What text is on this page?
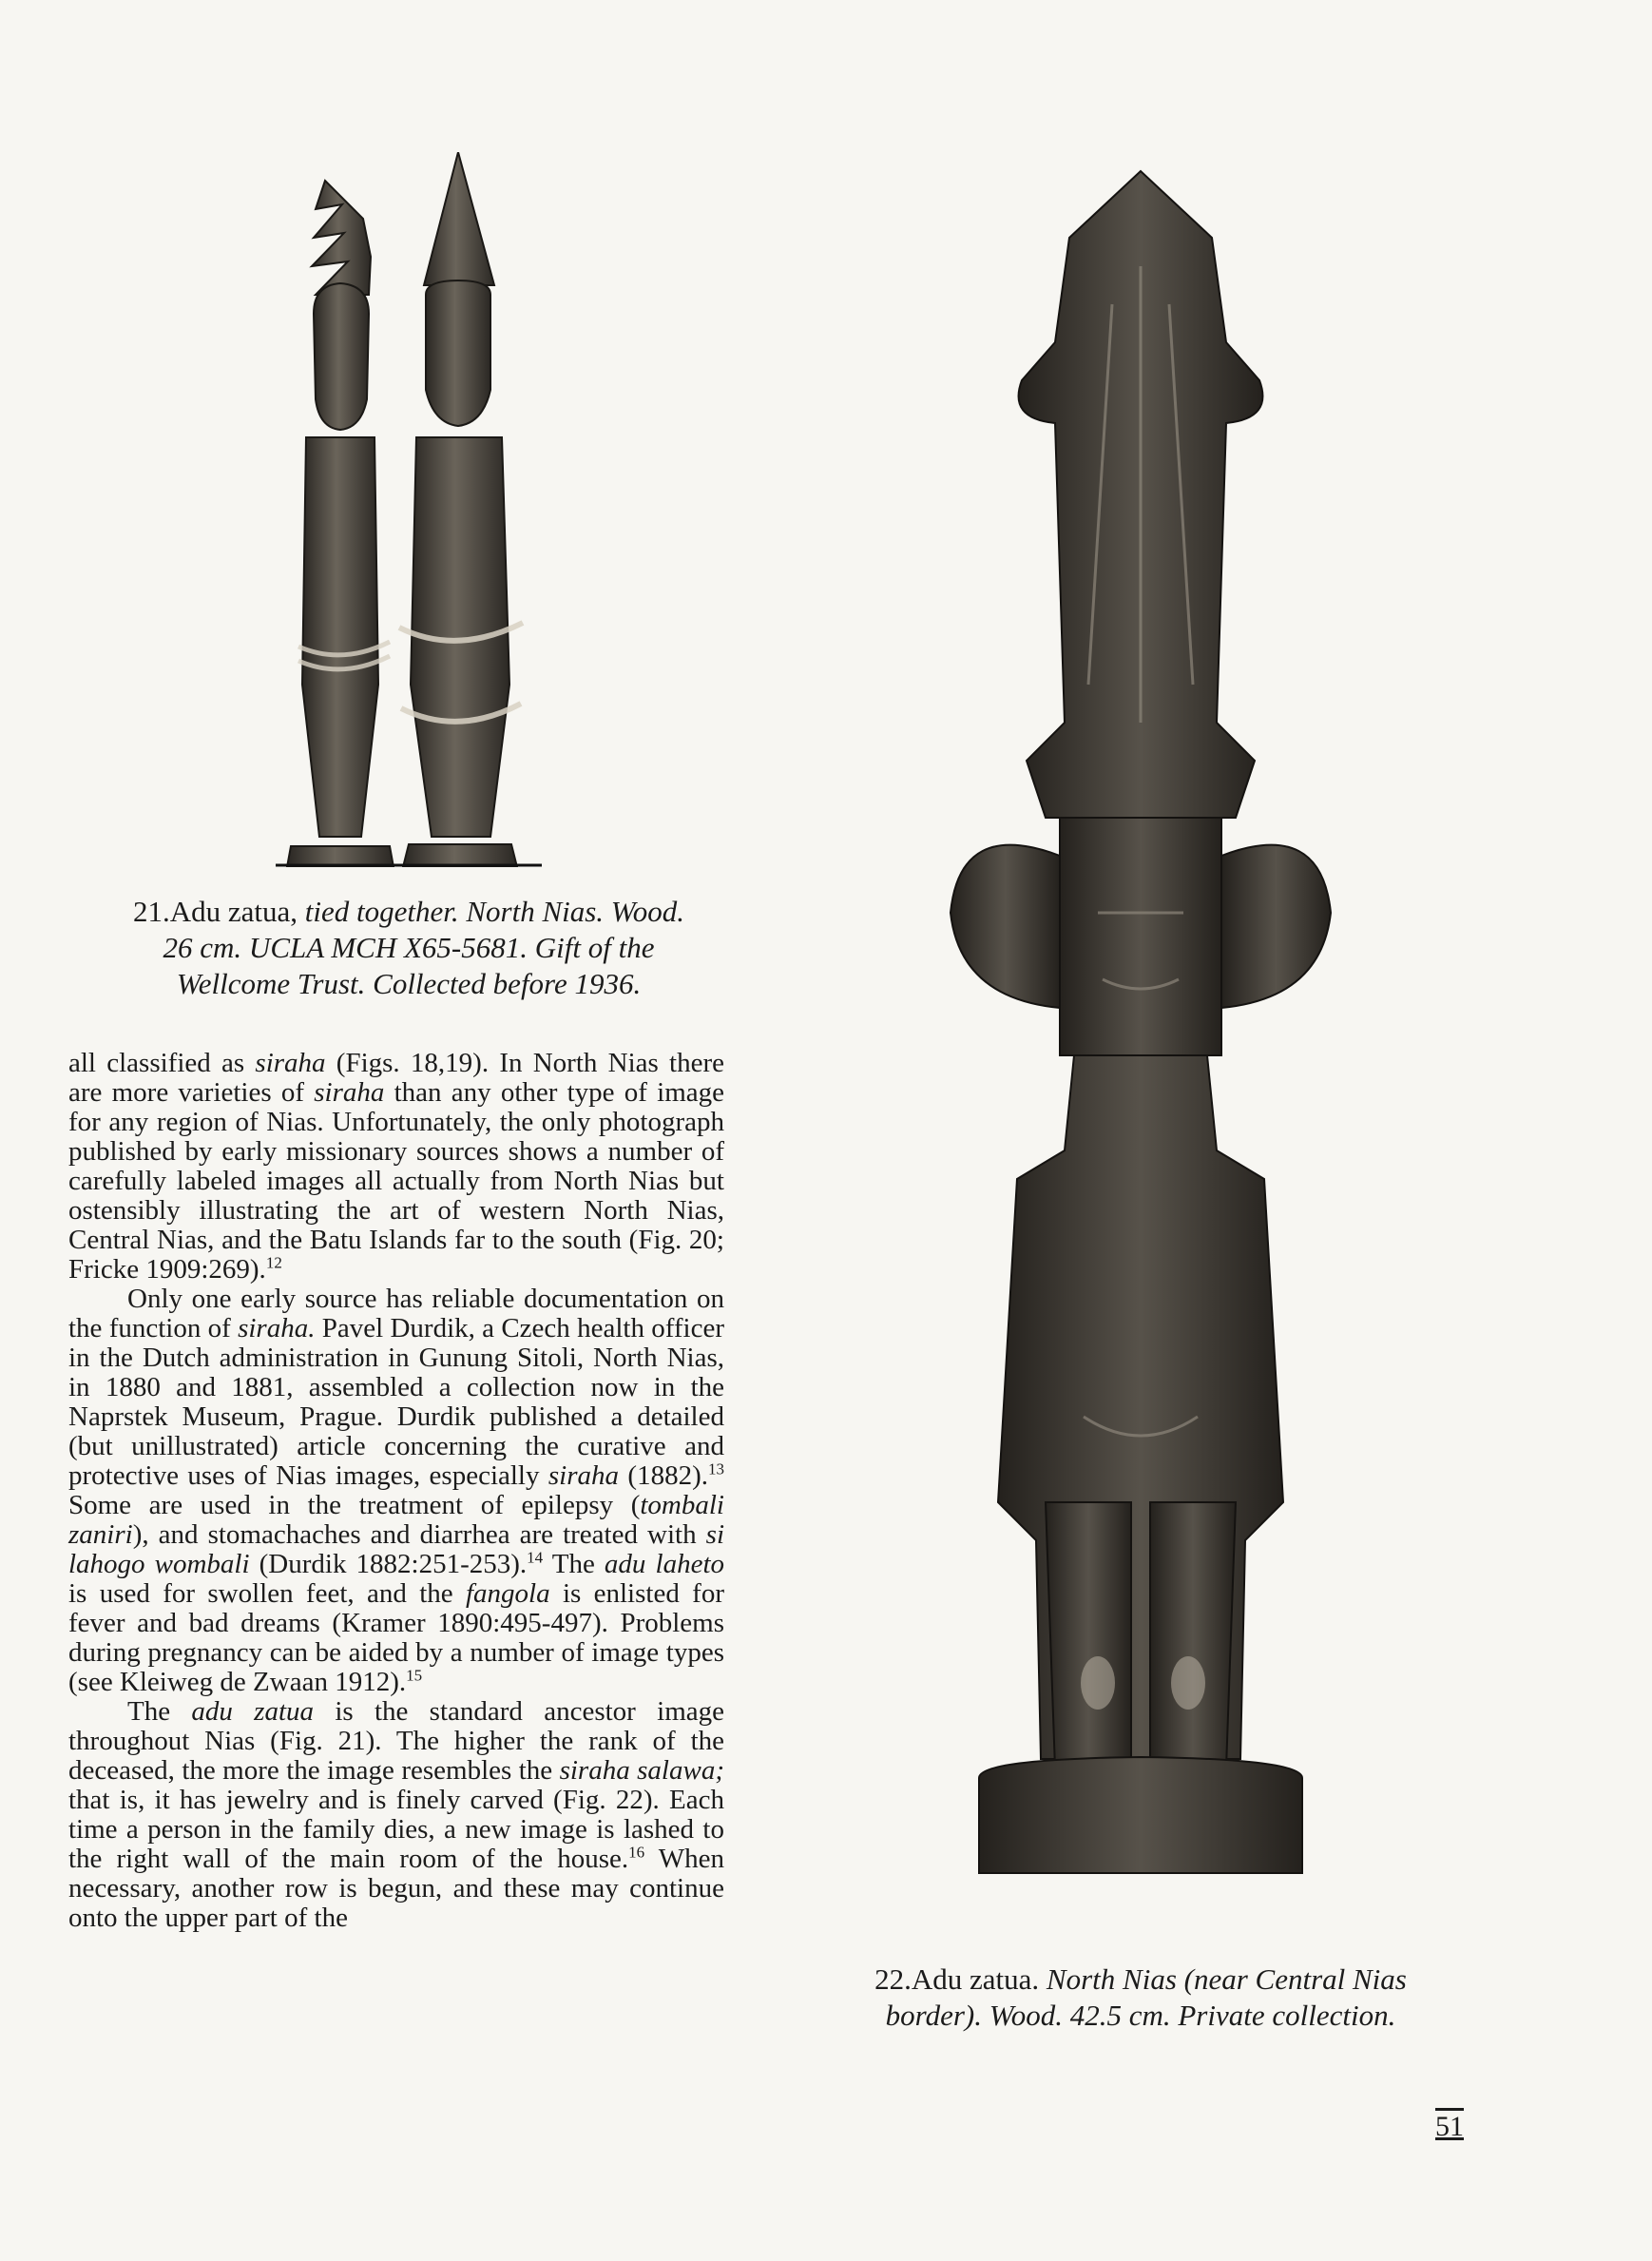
21.Adu zatua, tied together. North Nias. Wood.
26 cm. UCLA MCH X65-5681. Gift of the
Wellcome Trust. Collected before 1936.

all classified as siraha (Figs. 18,19). In North Nias there are more varieties of siraha than any other type of image for any region of Nias. Unfortunately, the only photograph published by early missionary sources shows a number of carefully labeled images all actually from North Nias but ostensibly illustrating the art of western North Nias, Central Nias, and the Batu Islands far to the south (Fig. 20; Fricke 1909:269).$^{12}$

Only one early source has reliable documentation on the function of siraha. Pavel Durdik, a Czech health officer in the Dutch administration in Gunung Sitoli, North Nias, in 1880 and 1881, assembled a collection now in the Naprstek Museum, Prague. Durdik published a detailed (but unillustrated) article concerning the curative and protective uses of Nias images, especially siraha (1882).$^{13}$ Some are used in the treatment of epilepsy (tombali zaniri), and stomachaches and diarrhea are treated with si lahogo wombali (Durdik 1882:251-253).$^{14}$ The adu laheto is used for swollen feet, and the fangola is enlisted for fever and bad dreams (Kramer 1890:495-497). Problems during pregnancy can be aided by a number of image types (see Kleiweg de Zwaan 1912).$^{15}$

The adu zatua is the standard ancestor image throughout Nias (Fig. 21). The higher the rank of the deceased, the more the image resembles the siraha salawa; that is, it has jewelry and is finely carved (Fig. 22). Each time a person in the family dies, a new image is lashed to the right wall of the main room of the house.$^{16}$ When necessary, another row is begun, and these may continue onto the upper part of the

22.Adu zatua. North Nias (near Central Nias
border). Wood. 42.5 cm. Private collection.
51
